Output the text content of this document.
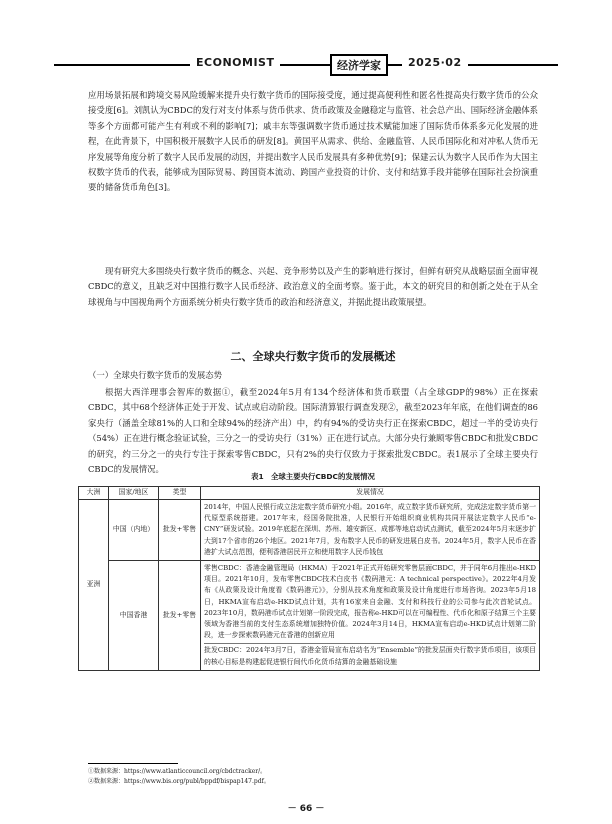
ECONOMIST	经济学家	2025·02

应用场景拓展和跨境交易风险缓解来提升央行数字货币的国际接受度，通过提高便利性和匿名性提高央行数字货币的公众接受度[6]。刘凯认为CBDC的发行对支付体系与货币供求、货币政策及金融稳定与监管、社会总产出、国际经济金融体系等多个方面都可能产生有利或不利的影响[7]；戚丰东等强调数字货币通过技术赋能加速了国际货币体系多元化发展的进程，在此背景下，中国积极开展数字人民币的研发[8]。黄国平从需求、供给、金融监管、人民币国际化和对冲私人货币无序发展等角度分析了数字人民币发展的动因，并提出数字人民币发展具有多种优势[9]；保建云认为数字人民币作为大国主权数字货币的代表，能够成为国际贸易、跨国资本流动、跨国产业投资的计价、支付和结算手段并能够在国际社会扮演重要的储备货币角色[3]。

现有研究大多围绕央行数字货币的概念、兴起、竞争形势以及产生的影响进行探讨，但鲜有研究从战略层面全面审视CBDC的意义，且缺乏对中国推行数字人民币经济、政治意义的全面考察。鉴于此，本文的研究目的和创新之处在于从全球视角与中国视角两个方面系统分析央行数字货币的政治和经济意义，并据此提出政策展望。

二、全球央行数字货币的发展概述

（一）全球央行数字货币的发展态势

根据大西洋理事会智库的数据①，截至2024年5月有134个经济体和货币联盟（占全球GDP的98%）正在探索CBDC，其中68个经济体正处于开发、试点或启动阶段。国际清算银行调查发现②，截至2023年年底，在他们调查的86家央行（涵盖全球81%的人口和全球94%的经济产出）中，约有94%的受访央行正在探索CBDC，超过一半的受访央行（54%）正在进行概念验证试验，三分之一的受访央行（31%）正在进行试点。大部分央行兼顾零售CBDC和批发CBDC的研究，约三分之一的央行专注于探索零售CBDC，只有2%的央行仅致力于探索批发CBDC。表1展示了全球主要央行CBDC的发展情况。

表1　全球主要央行CBDC的发展情况

大洲	国家/地区	类型	发展情况
亚洲	中国（内地）	批发+零售	2014年，中国人民银行成立法定数字货币研究小组。2016年，成立数字货币研究所，完成法定数字货币第一代原型系统搭建。2017年末，经国务院批准，人民银行开始组织商业机构共同开展法定数字人民币“e-CNY”研发试验。2019年底起在深圳、苏州、雄安新区、成都等地启动试点测试，截至2024年5月末逐步扩大到17个省市的26个地区。2021年7月，发布数字人民币的研发进展白皮书。2024年5月，数字人民币在香港扩大试点范围，便利香港居民开立和使用数字人民币钱包
	中国香港	批发+零售	零售CBDC：香港金融管理局（HKMA）于2021年正式开始研究零售层面CBDC，并于同年6月推出e-HKD项目。2021年10月，发布零售CBDC技术白皮书《数码港元：A technical perspective》。2022年4月发布《从政策及设计角度看《数码港元》》，分别从技术角度和政策及设计角度进行市场咨询。2023年5月18日，HKMA宣布启动e-HKD试点计划，共有16家来自金融、支付和科技行业的公司参与此次首轮试点。2023年10月，数码港币试点计划第一阶段完成，报告称e-HKD可以在可编程性、代币化和原子结算三个主要领域为香港当前的支付生态系统增加独特价值。2024年3月14日，HKMA宣布启动e-HKD试点计划第二阶段，进一步探索数码港元在香港的创新应用
批发CBDC：2024年3月7日，香港金管局宣布启动名为“Ensemble”的批发层面央行数字货币项目，该项目的核心目标是构建起促进银行间代币化货币结算的金融基础设施

①数据来源：https://www.atlanticcouncil.org/cbdctracker/。

②数据来源：https://www.bis.org/publ/bppdf/bispap147.pdf。

－ 66 －
